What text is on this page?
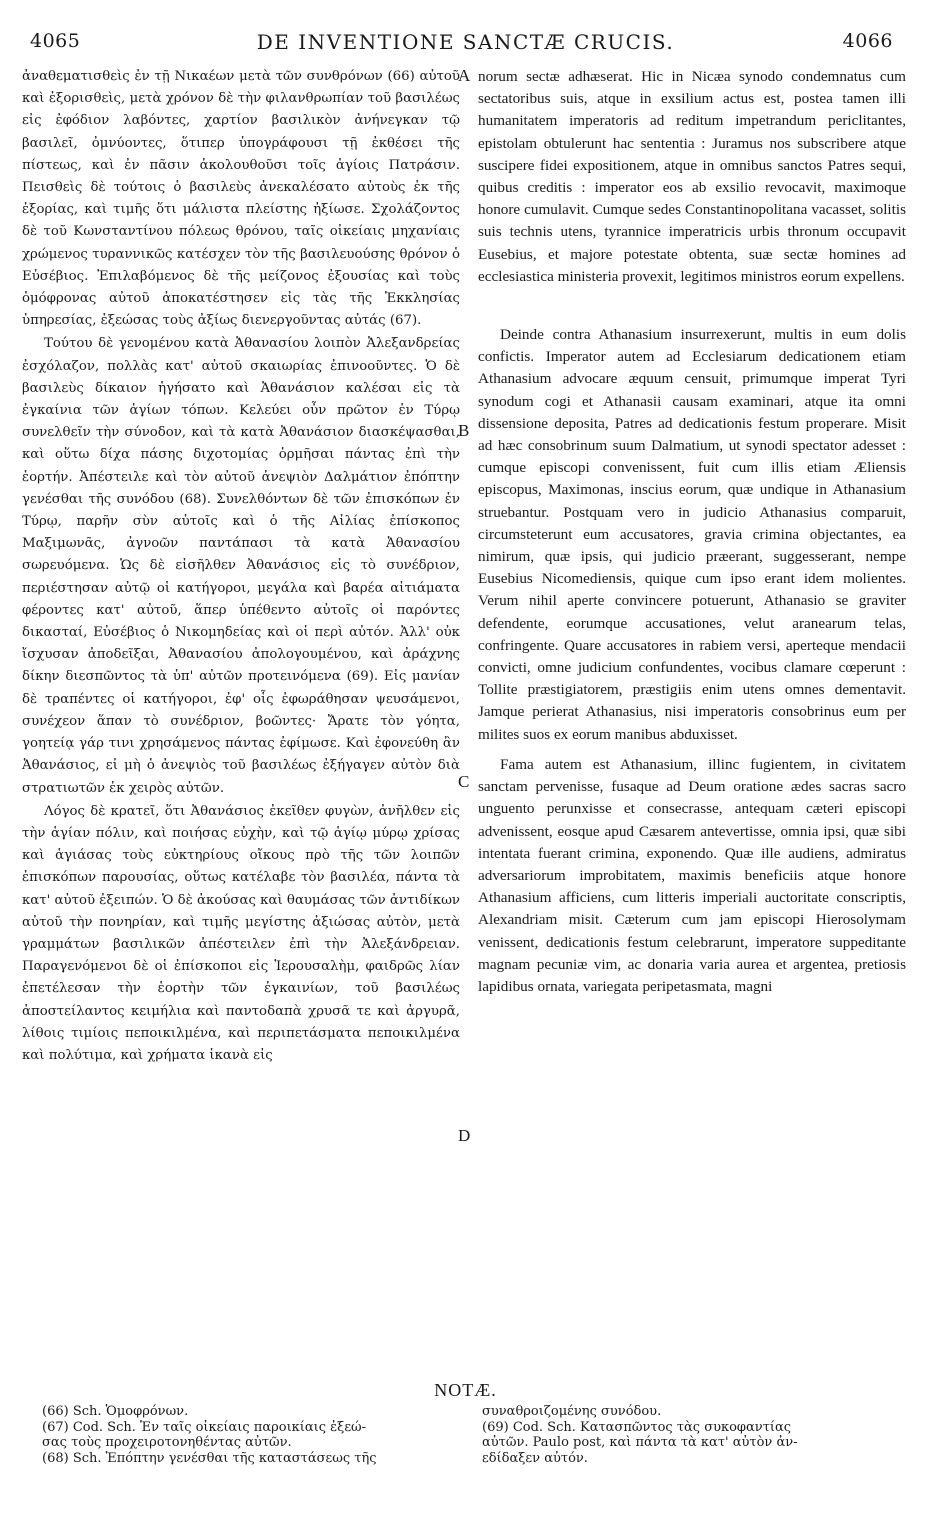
4065	DE INVENTIONE SANCTÆ CRUCIS.	4066

ἀναθεματισθεὶς ἐν τῇ Νικαέων μετὰ τῶν συνθρόνων (66) αὐτοῦ καὶ ἐξορισθεὶς, μετὰ χρόνον δὲ τὴν φιλανθρωπίαν τοῦ βασιλέως εἰς ἐφόδιον λαβόντες, χαρτίον βασιλικὸν ἀνήνεγκαν τῷ βασιλεῖ, ὀμνύοντες, ὅτιπερ ὑπογράφουσι τῇ ἐκθέσει τῆς πίστεως, καὶ ἐν πᾶσιν ἀκολουθοῦσι τοῖς ἁγίοις Πατράσιν. Πεισθεὶς δὲ τούτοις ὁ βασιλεὺς ἀνεκαλέσατο αὐτοὺς ἐκ τῆς ἐξορίας, καὶ τιμῆς ὅτι μάλιστα πλείστης ἠξίωσε. Σχολάζοντος δὲ τοῦ Κωνσταντίνου πόλεως θρόνου, ταῖς οἰκείαις μηχανίαις χρώμενος τυραννικῶς κατέσχεν τὸν τῆς βασιλευούσης θρόνον ὁ Εὐσέβιος. Ἐπιλαβόμενος δὲ τῆς μείζονος ἐξουσίας καὶ τοὺς ὁμόφρονας αὐτοῦ ἀποκατέστησεν εἰς τὰς τῆς Ἐκκλησίας ὑπηρεσίας, ἐξεώσας τοὺς ἀξίως διενεργοῦντας αὐτάς (67).

Τούτου δὲ γενομένου κατὰ Ἀθανασίου λοιπὸν Ἀλεξανδρείας ἐσχόλαζον, πολλὰς κατ' αὐτοῦ σκαιωρίας ἐπινοοῦντες. Ὁ δὲ βασιλεὺς δίκαιον ἡγήσατο καὶ Ἀθανάσιον καλέσαι εἰς τὰ ἐγκαίνια τῶν ἁγίων τόπων. Κελεύει οὖν πρῶτον ἐν Τύρῳ συνελθεῖν τὴν σύνοδον, καὶ τὰ κατὰ Ἀθανάσιον διασκέψασθαι, καὶ οὕτω δίχα πάσης διχοτομίας ὁρμῆσαι πάντας ἐπὶ τὴν ἑορτήν. Ἀπέστειλε καὶ τὸν αὐτοῦ ἀνεψιὸν Δαλμάτιον ἐπόπτην γενέσθαι τῆς συνόδου (68). Συνελθόντων δὲ τῶν ἐπισκόπων ἐν Τύρῳ, παρῆν σὺν αὐτοῖς καὶ ὁ τῆς Αἰλίας ἐπίσκοπος Μαξιμωνᾶς, ἀγνοῶν παντάπασι τὰ κατὰ Ἀθανασίου σωρευόμενα. Ὡς δὲ εἰσῆλθεν Ἀθανάσιος εἰς τὸ συνέδριον, περιέστησαν αὐτῷ οἱ κατήγοροι, μεγάλα καὶ βαρέα αἰτιάματα φέροντες κατ' αὐτοῦ, ἅπερ ὑπέθεντο αὐτοῖς οἱ παρόντες δικασταί, Εὐσέβιος ὁ Νικομηδείας καὶ οἱ περὶ αὐτόν. Ἀλλ' οὐκ ἴσχυσαν ἀποδεῖξαι, Ἀθανασίου ἀπολογουμένου, καὶ ἀράχνης δίκην διεσπῶντος τὰ ὑπ' αὐτῶν προτεινόμενα (69). Εἰς μανίαν δὲ τραπέντες οἱ κατήγοροι, ἐφ' οἷς ἐφωράθησαν ψευσάμενοι, συνέχεον ἅπαν τὸ συνέδριον, βοῶντες· Ἄρατε τὸν γόητα, γοητείᾳ γάρ τινι χρησάμενος πάντας ἐφίμωσε. Καὶ ἐφονεύθη ἂν Ἀθανάσιος, εἰ μὴ ὁ ἀνεψιὸς τοῦ βασιλέως ἐξήγαγεν αὐτὸν διὰ στρατιωτῶν ἐκ χειρὸς αὐτῶν.

Λόγος δὲ κρατεῖ, ὅτι Ἀθανάσιος ἐκεῖθεν φυγὼν, ἀνῆλθεν εἰς τὴν ἁγίαν πόλιν, καὶ ποιήσας εὐχὴν, καὶ τῷ ἁγίῳ μύρῳ χρίσας καὶ ἁγιάσας τοὺς εὐκτηρίους οἴκους πρὸ τῆς τῶν λοιπῶν ἐπισκόπων παρουσίας, οὕτως κατέλαβε τὸν βασιλέα, πάντα τὰ κατ' αὐτοῦ ἐξειπών. Ὁ δὲ ἀκούσας καὶ θαυμάσας τῶν ἀντιδίκων αὐτοῦ τὴν πονηρίαν, καὶ τιμῆς μεγίστης ἀξιώσας αὐτὸν, μετὰ γραμμάτων βασιλικῶν ἀπέστειλεν ἐπὶ τὴν Ἀλεξάνδρειαν. Παραγενόμενοι δὲ οἱ ἐπίσκοποι εἰς Ἱερουσαλὴμ, φαιδρῶς λίαν ἐπετέλεσαν τὴν ἑορτὴν τῶν ἐγκαινίων, τοῦ βασιλέως ἀποστείλαντος κειμήλια καὶ παντοδαπὰ χρυσᾶ τε καὶ ἀργυρᾶ, λίθοις τιμίοις πεποικιλμένα, καὶ περιπετάσματα πεποικιλμένα καὶ πολύτιμα, καὶ χρήματα ἱκανὰ εἰς

A
B
C
D

norum sectæ adhæserat. Hic in Nicæa synodo condemnatus cum sectatoribus suis, atque in exsilium actus est, postea tamen illi humanitatem imperatoris ad reditum impetrandum periclitantes, epistolam obtulerunt hac sententia : Juramus nos subscribere atque suscipere fidei expositionem, atque in omnibus sanctos Patres sequi, quibus creditis : imperator eos ab exsilio revocavit, maximoque honore cumulavit. Cumque sedes Constantinopolitana vacasset, solitis suis technis utens, tyrannice imperatricis urbis thronum occupavit Eusebius, et majore potestate obtenta, suæ sectæ homines ad ecclesiastica ministeria provexit, legitimos ministros eorum expellens.

Deinde contra Athanasium insurrexerunt, multis in eum dolis confictis. Imperator autem ad Ecclesiarum dedicationem etiam Athanasium advocare æquum censuit, primumque imperat Tyri synodum cogi et Athanasii causam examinari, atque ita omni dissensione deposita, Patres ad dedicationis festum properare. Misit ad hæc consobrinum suum Dalmatium, ut synodi spectator adesset : cumque episcopi convenissent, fuit cum illis etiam Æliensis episcopus, Maximonas, inscius eorum, quæ undique in Athanasium struebantur. Postquam vero in judicio Athanasius comparuit, circumsteterunt eum accusatores, gravia crimina objectantes, ea nimirum, quæ ipsis, qui judicio præerant, suggesserant, nempe Eusebius Nicomediensis, quique cum ipso erant idem molientes. Verum nihil aperte convincere potuerunt, Athanasio se graviter defendente, eorumque accusationes, velut aranearum telas, confringente. Quare accusatores in rabiem versi, aperteque mendacii convicti, omne judicium confundentes, vocibus clamare cœperunt : Tollite præstigiatorem, præstigiis enim utens omnes dementavit. Jamque perierat Athanasius, nisi imperatoris consobrinus eum per milites suos ex eorum manibus abduxisset.

Fama autem est Athanasium, illinc fugientem, in civitatem sanctam pervenisse, fusaque ad Deum oratione ædes sacras sacro unguento perunxisse et consecrasse, antequam cæteri episcopi advenissent, eosque apud Cæsarem antevertisse, omnia ipsi, quæ sibi intentata fuerant crimina, exponendo. Quæ ille audiens, admiratus adversariorum improbitatem, maximis beneficiis atque honore Athanasium afficiens, cum litteris imperiali auctoritate conscriptis, Alexandriam misit. Cæterum cum jam episcopi Hierosolymam venissent, dedicationis festum celebrarunt, imperatore suppeditante magnam pecuniæ vim, ac donaria varia aurea et argentea, pretiosis lapidibus ornata, variegata peripetasmata, magni

NOTÆ.
(66) Sch. Ὁμοφρόνων.
(67) Cod. Sch. Ἐν ταῖς οἰκείαις παροικίαις ἐξεώ-
σας τοὺς προχειροτονηθέντας αὐτῶν.
(68) Sch. Ἐπόπτην γενέσθαι τῆς καταστάσεως τῆς
συναθροιζομένης συνόδου.
(69) Cod. Sch. Κατασπῶντος τὰς συκοφαντίας
αὐτῶν. Paulo post, καὶ πάντα τὰ κατ' αὐτὸν ἀν-
εδίδαξεν αὐτόν.
